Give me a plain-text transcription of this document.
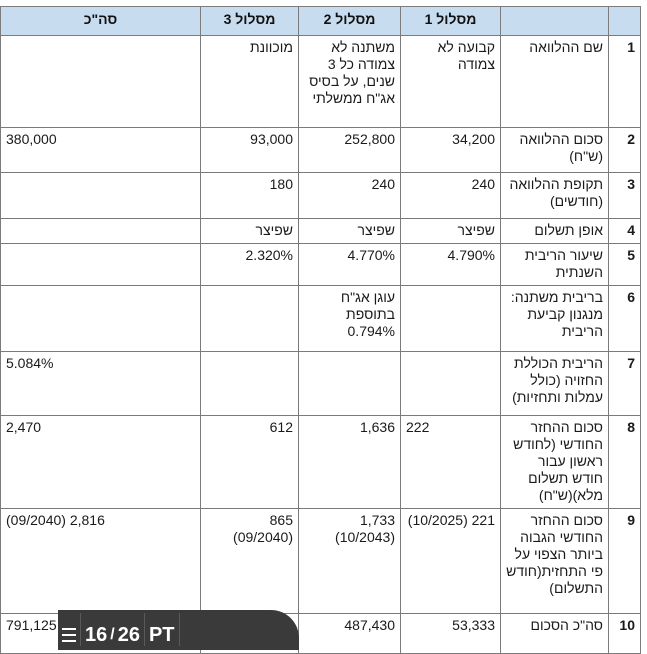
		מסלול 1	מסלול 2	מסלול 3	סה"כ
1	שם ההלוואה	קבועה לא צמודה	משתנה לא צמודה כל 3 שנים, על בסיס אג"ח ממשלתי	מוכוונת	
2	סכום ההלוואה (ש"ח)	34,200	252,800	93,000	380,000
3	תקופת ההלוואה (חודשים)	240	240	180	
4	אופן תשלום	שפיצר	שפיצר	שפיצר	
5	שיעור הריבית השנתית	4.790%	4.770%	2.320%	
6	בריבית משתנה: מנגנון קביעת הריבית		עוגן אג"ח בתוספת 0.794%		
7	הריבית הכוללת החזויה (כולל עמלות ותחזיות)				5.084%
8	סכום ההחזר החודשי (לחודש ראשון עבור חודש תשלום מלא)(ש"ח)	222	1,636	612	2,470
9	סכום ההחזר החודשי הגבוה ביותר הצפוי על פי התחזית(חודש התשלום)	221 (10/2025)	1,733 (10/2043)	865 (09/2040)	2,816 (09/2040)
10	סה"כ הסכום	53,333	487,430		791,125 16 / 26 PT
